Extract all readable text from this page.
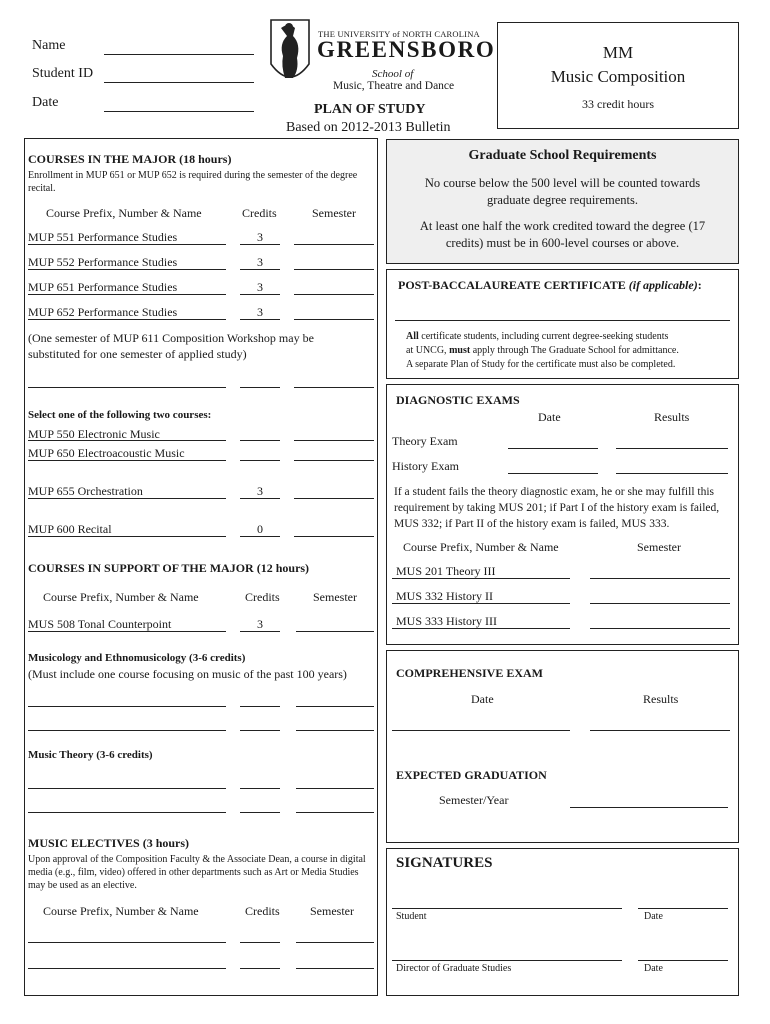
Name
Student ID
Date
THE UNIVERSITY of NORTH CAROLINA
GREENSBORO
School of
Music, Theatre and Dance
PLAN OF STUDY
Based on 2012-2013 Bulletin
MM
Music Composition
33 credit hours
COURSES IN THE MAJOR (18 hours)
Enrollment in MUP 651 or MUP 652 is required during the semester of the degree recital.
Course Prefix, Number & Name	Credits	Semester
MUP 551 Performance Studies	3
MUP 552 Performance Studies	3
MUP 651 Performance Studies	3
MUP 652 Performance Studies	3
(One semester of MUP 611 Composition Workshop may be substituted for one semester of applied study)
Select one of the following two courses:
MUP 550 Electronic Music
MUP 650 Electroacoustic Music
MUP 655 Orchestration	3
MUP 600 Recital	0
COURSES IN SUPPORT OF THE MAJOR (12 hours)
Course Prefix, Number & Name	Credits	Semester
MUS 508 Tonal Counterpoint	3
Musicology and Ethnomusicology (3-6 credits)
(Must include one course focusing on music of the past 100 years)
Music Theory (3-6 credits)
MUSIC ELECTIVES (3 hours)
Upon approval of the Composition Faculty & the Associate Dean, a course in digital media (e.g., film, video) offered in other departments such as Art or Media Studies may be used as an elective.
Course Prefix, Number & Name	Credits	Semester
Graduate School Requirements
No course below the 500 level will be counted towards graduate degree requirements.
At least one half the work credited toward the degree (17 credits) must be in 600-level courses or above.
POST-BACCALAUREATE CERTIFICATE (if applicable):
All certificate students, including current degree-seeking students
at UNCG, must apply through The Graduate School for admittance.
A separate Plan of Study for the certificate must also be completed.
DIAGNOSTIC EXAMS
Date	Results
Theory Exam
History Exam
If a student fails the theory diagnostic exam, he or she may fulfill this requirement by taking MUS 201; if Part I of the history exam is failed, MUS 332; if Part II of the history exam is failed, MUS 333.
Course Prefix, Number & Name	Semester
MUS 201 Theory III
MUS 332 History II
MUS 333 History III
COMPREHENSIVE EXAM
Date	Results
EXPECTED GRADUATION
Semester/Year
SIGNATURES
Student	Date
Director of Graduate Studies	Date
